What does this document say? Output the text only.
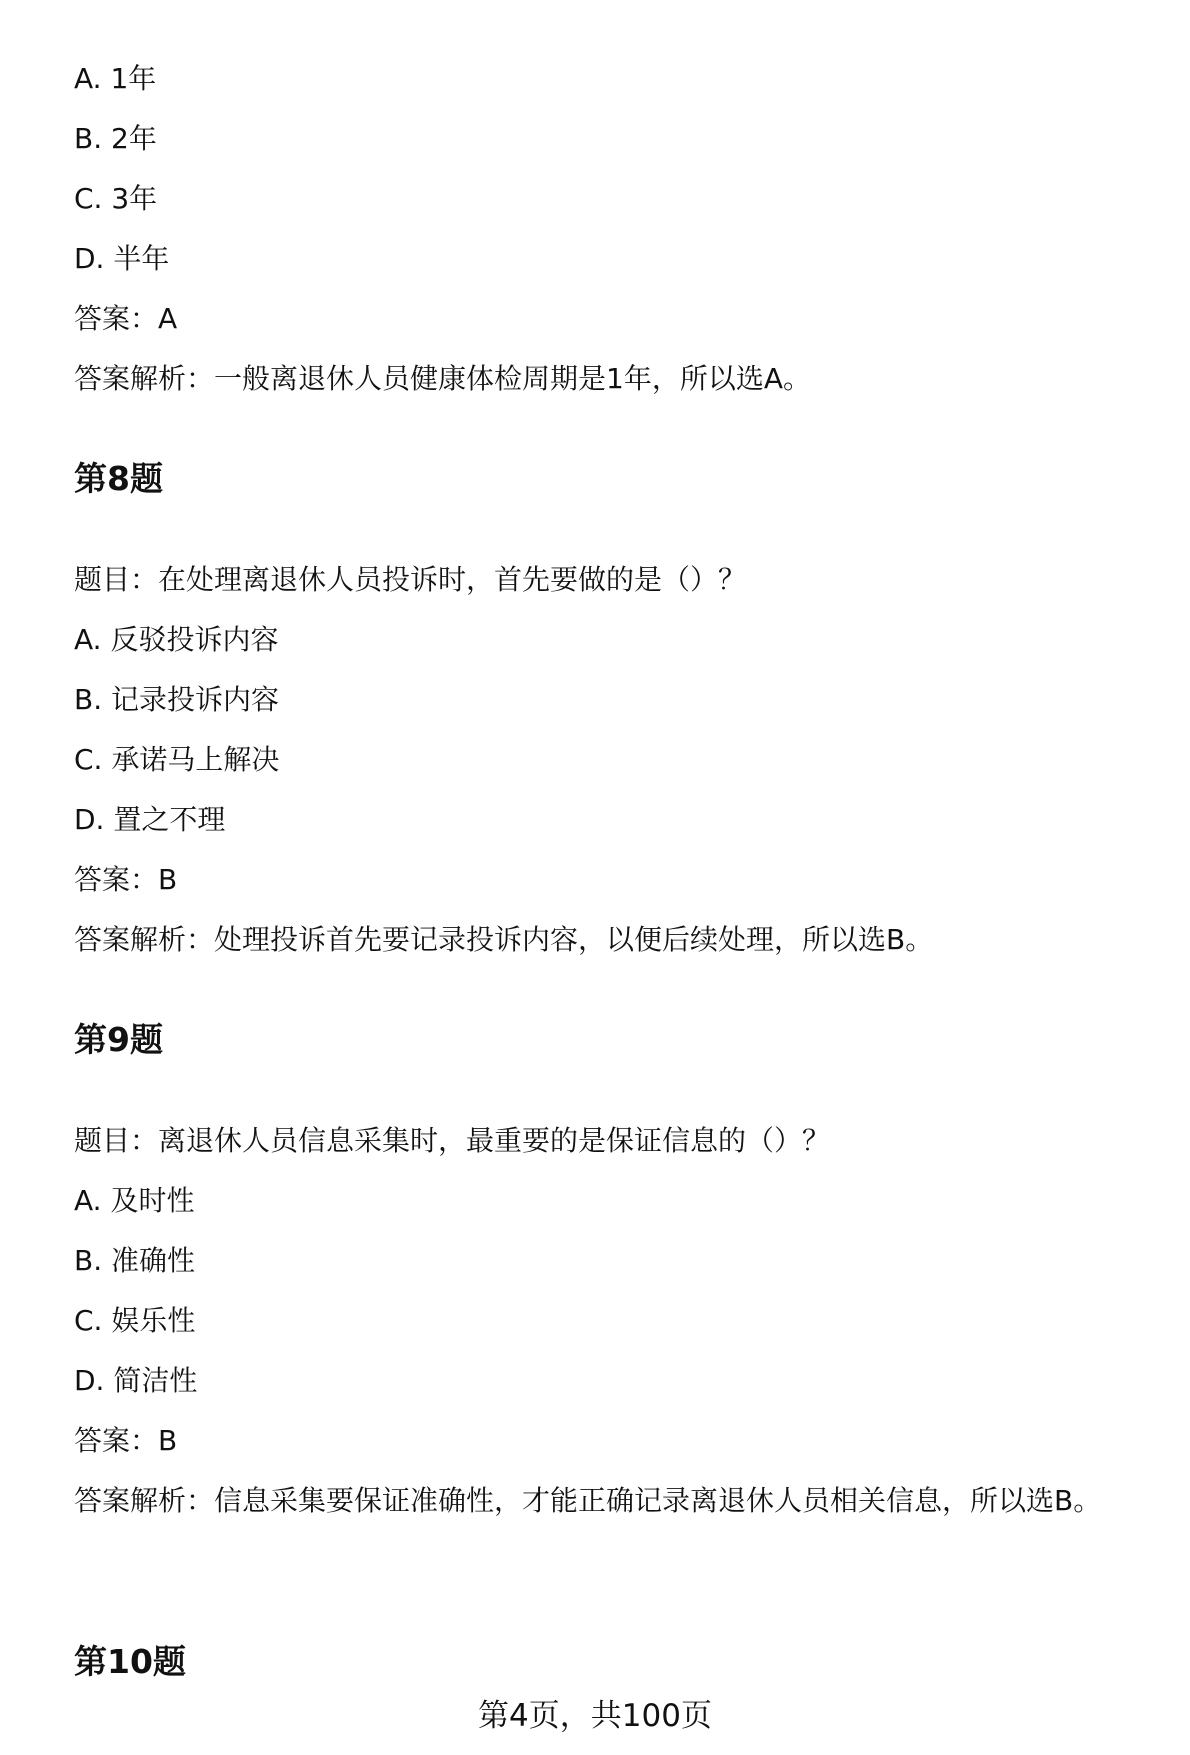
A. 1年
B. 2年
C. 3年
D. 半年
答案：A
答案解析：一般离退休人员健康体检周期是1年，所以选A。
第8题
题目：在处理离退休人员投诉时，首先要做的是（）？
A. 反驳投诉内容
B. 记录投诉内容
C. 承诺马上解决
D. 置之不理
答案：B
答案解析：处理投诉首先要记录投诉内容，以便后续处理，所以选B。
第9题
题目：离退休人员信息采集时，最重要的是保证信息的（）？
A. 及时性
B. 准确性
C. 娱乐性
D. 简洁性
答案：B
答案解析：信息采集要保证准确性，才能正确记录离退休人员相关信息，所以选B。
第10题
第4页，共100页
